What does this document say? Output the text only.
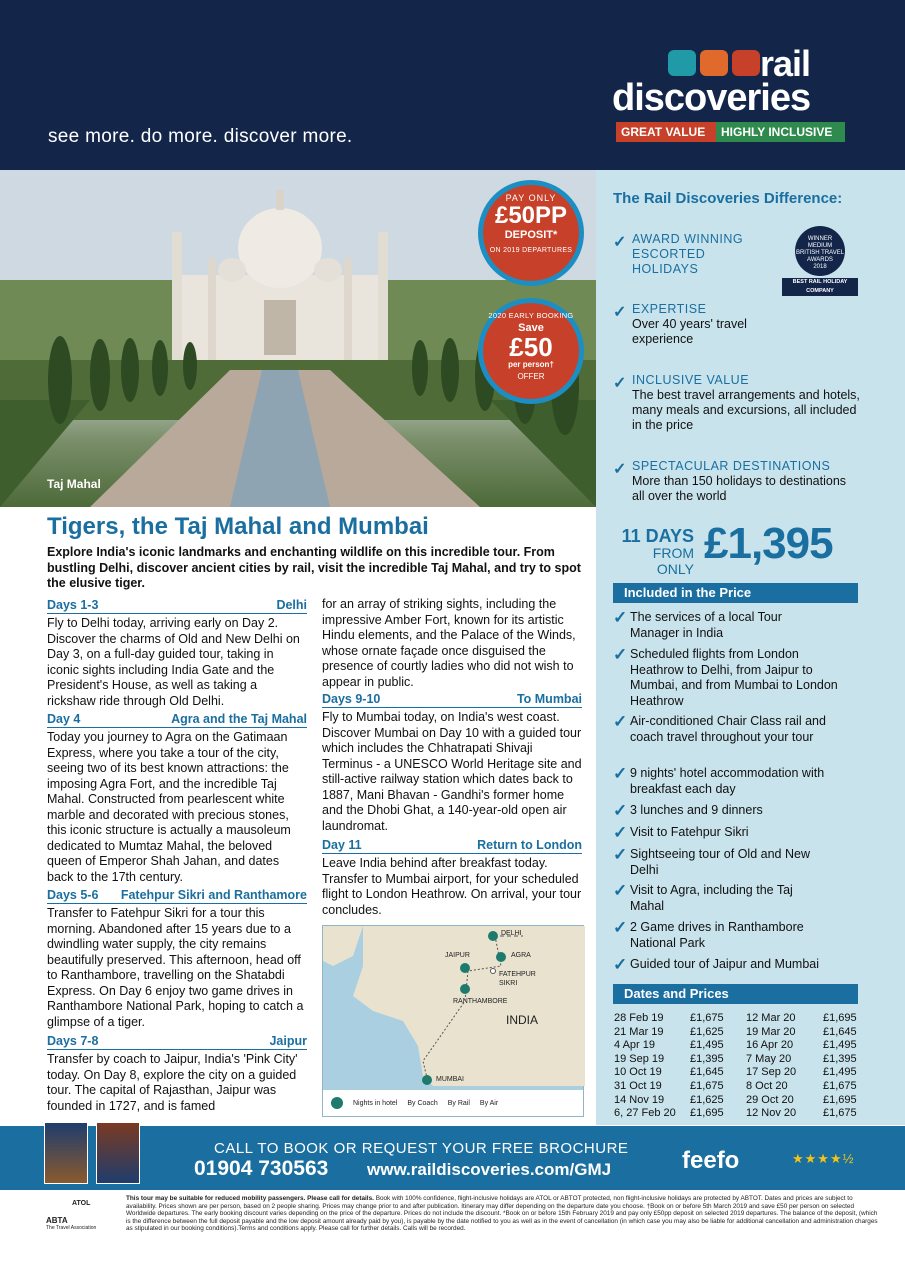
see more. do more. discover more.
rail
discoveries
GREAT VALUE	HIGHLY INCLUSIVE
Taj Mahal
PAY ONLY
£50PP
DEPOSIT*
ON 2019 DEPARTURES
2020 EARLY BOOKING
Save
£50
per person†
OFFER
The Rail Discoveries Difference:
✓ AWARD WINNING ESCORTED HOLIDAYS
✓ EXPERTISE
Over 40 years' travel experience
✓ INCLUSIVE VALUE
The best travel arrangements and hotels, many meals and excursions, all included in the price
✓ SPECTACULAR DESTINATIONS
More than 150 holidays to destinations all over the world
WINNER
MEDIUM
BRITISH TRAVEL AWARDS
2018
BEST RAIL HOLIDAY COMPANY
11 DAYS
FROM ONLY
£1,395
Included in the Price
✓ The services of a local Tour Manager in India
✓ Scheduled flights from London Heathrow to Delhi, from Jaipur to Mumbai, and from Mumbai to London Heathrow
✓ Air-conditioned Chair Class rail and coach travel throughout your tour
✓ 9 nights' hotel accommodation with breakfast each day
✓ 3 lunches and 9 dinners
✓ Visit to Fatehpur Sikri
✓ Sightseeing tour of Old and New Delhi
✓ Visit to Agra, including the Taj Mahal
✓ 2 Game drives in Ranthambore National Park
✓ Guided tour of Jaipur and Mumbai
Dates and Prices
28 Feb 19	£1,675	12 Mar 20	£1,695
21 Mar 19	£1,625	19 Mar 20	£1,645
4 Apr 19	£1,495	16 Apr 20	£1,495
19 Sep 19	£1,395	7 May 20	£1,395
10 Oct 19	£1,645	17 Sep 20	£1,495
31 Oct 19	£1,675	8 Oct 20	£1,675
14 Nov 19	£1,625	29 Oct 20	£1,695
6, 27 Feb 20	£1,695	12 Nov 20	£1,675
Tigers, the Taj Mahal and Mumbai
Explore India's iconic landmarks and enchanting wildlife on this incredible tour. From bustling Delhi, discover ancient cities by rail, visit the incredible Taj Mahal, and try to spot the elusive tiger.
Days 1-3	Delhi
Fly to Delhi today, arriving early on Day 2. Discover the charms of Old and New Delhi on Day 3, on a full-day guided tour, taking in iconic sights including India Gate and the President's House, as well as taking a rickshaw ride through Old Delhi.
Day 4	Agra and the Taj Mahal
Today you journey to Agra on the Gatimaan Express, where you take a tour of the city, seeing two of its best known attractions: the imposing Agra Fort, and the incredible Taj Mahal. Constructed from pearlescent white marble and decorated with precious stones, this iconic structure is actually a mausoleum dedicated to Mumtaz Mahal, the beloved queen of Emperor Shah Jahan, and dates back to the 17th century.
Days 5-6 Fatehpur Sikri and Ranthamore
Transfer to Fatehpur Sikri for a tour this morning. Abandoned after 15 years due to a dwindling water supply, the city remains beautifully preserved. This afternoon, head off to Ranthambore, travelling on the Shatabdi Express. On Day 6 enjoy two game drives in Ranthambore National Park, hoping to catch a glimpse of a tiger.
Days 7-8	Jaipur
Transfer by coach to Jaipur, India's 'Pink City' today. On Day 8, explore the city on a guided tour. The capital of Rajasthan, Jaipur was founded in 1727, and is famed
for an array of striking sights, including the impressive Amber Fort, known for its artistic Hindu elements, and the Palace of the Winds, whose ornate façade once disguised the presence of courtly ladies who did not wish to appear in public.
Days 9-10	To Mumbai
Fly to Mumbai today, on India's west coast. Discover Mumbai on Day 10 with a guided tour which includes the Chhatrapati Shivaji Terminus - a UNESCO World Heritage site and still-active railway station which dates back to 1887, Mani Bhavan - Gandhi's former home and the Dhobi Ghat, a 140-year-old open air laundromat.
Day 11	Return to London
Leave India behind after breakfast today. Transfer to Mumbai airport, for your scheduled flight to London Heathrow. On arrival, your tour concludes.
DELHI
AGRA
JAIPUR
FATEHPUR SIKRI
RANTHAMBORE
MUMBAI
INDIA
Nights in hotel By Coach By Rail By Air
CALL TO BOOK OR REQUEST YOUR FREE BROCHURE
01904 730563 www.raildiscoveries.com/GMJ	feefo	★★★★½
ABTA
The Travel Association
ATOL
This tour may be suitable for reduced mobility passengers. Please call for details. Book with 100% confidence, flight-inclusive holidays are ATOL or ABTOT protected, non flight-inclusive holidays are protected by ABTOT. Dates and prices are subject to availability. Prices shown are per person, based on 2 people sharing. Prices may change prior to and after publication. Itinerary may differ depending on the departure date you choose. †Book on or before 5th March 2019 and save £50 per person on selected Worldwide departures. The early booking discount varies depending on the price of the departure. Prices do not include the discount. *Book on or before 15th February 2019 and pay only £50pp deposit on selected 2019 departures. The balance of the deposit, (which is the difference between the full deposit payable and the low deposit amount already paid by you), is payable by the date notified to you as well as in the event of cancellation (in which case you may also be liable for additional cancellation and administration charges as stipulated in our booking conditions).Terms and conditions apply. Please call for further details. Calls will be recorded.
